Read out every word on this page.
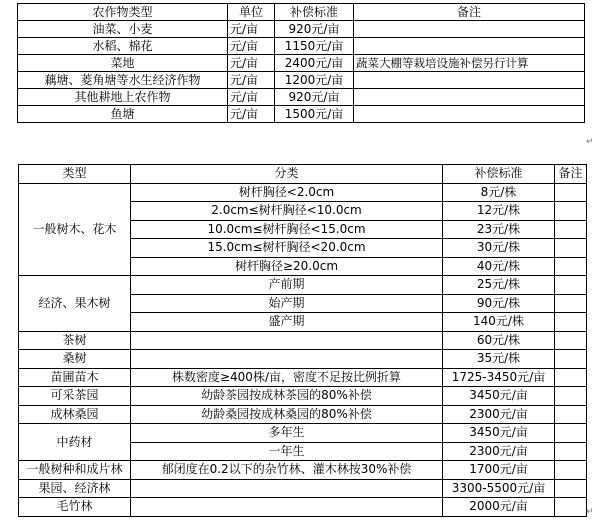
农作物类型	单位	补偿标准	备注
油菜、小麦	元/亩	920元/亩	
水稻、棉花	元/亩	1150元/亩	
菜地	元/亩	2400元/亩	蔬菜大棚等栽培设施补偿另行计算
藕塘、菱角塘等水生经济作物	元/亩	1200元/亩	
其他耕地上农作物	元/亩	920元/亩	
鱼塘	元/亩	1500元/亩	
类型	分类	补偿标准	备注
一般树木、花木	树杆胸径<2.0cm	8元/株	
	2.0cm≤树杆胸径<10.0cm	12元/株	
	10.0cm≤树杆胸径<15.0cm	23元/株	
	15.0cm≤树杆胸径<20.0cm	30元/株	
	树杆胸径≥20.0cm	40元/株	
经济、果木树	产前期	25元/株	
	始产期	90元/株	
	盛产期	140元/株	
茶树		60元/株	
桑树		35元/株	
苗圃苗木	株数密度≥400株/亩，密度不足按比例折算	1725-3450元/亩	
可采茶园	幼龄茶园按成林茶园的80%补偿	3450元/亩	
成林桑园	幼龄桑园按成林桑园的80%补偿	2300元/亩	
中药材	多年生	3450元/亩	
	一年生	2300元/亩	
一般树种和成片林	郁闭度在0.2以下的杂竹林、灌木林按30%补偿	1700元/亩	
果园、经济林		3300-5500元/亩	
毛竹林		2000元/亩	
↵
↵
